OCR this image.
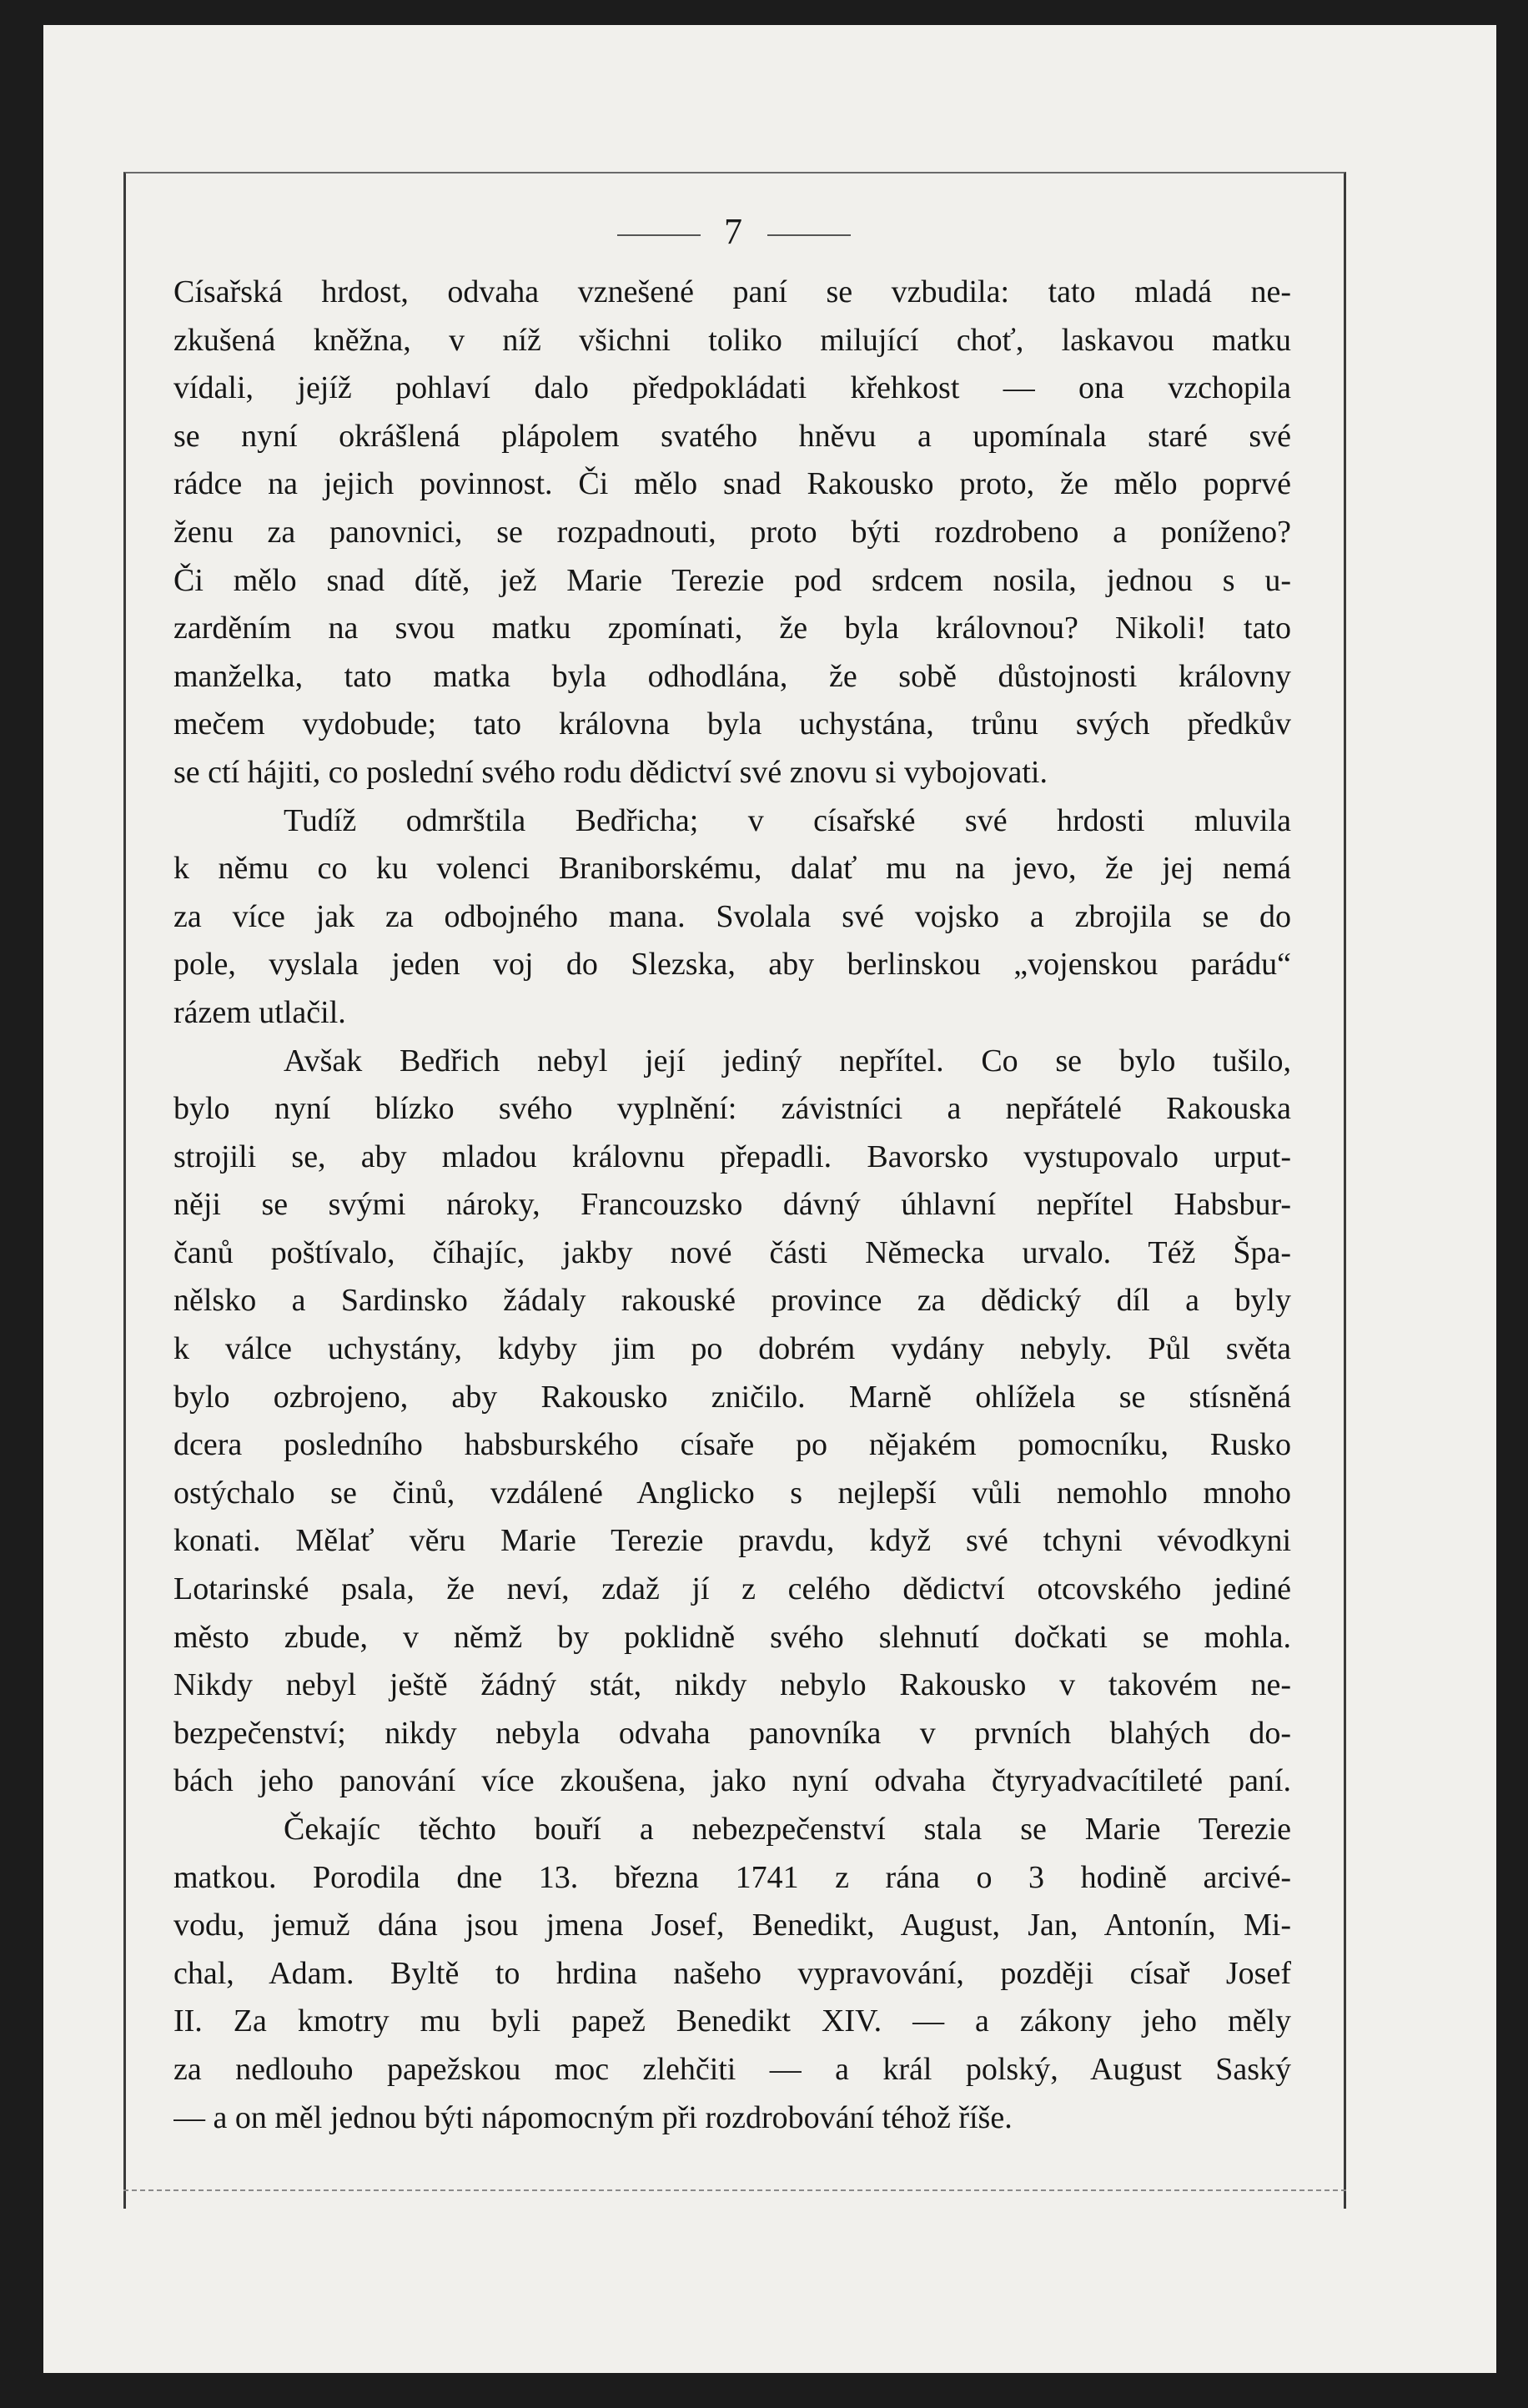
7
Císařská hrdost, odvaha vznešené paní se vzbudila: tato mladá ne-
zkušená kněžna, v níž všichni toliko milující choť, laskavou matku
vídali, jejíž pohlaví dalo předpokládati křehkost — ona vzchopila
se nyní okrášlená plápolem svatého hněvu a upomínala staré své
rádce na jejich povinnost. Či mělo snad Rakousko proto, že mělo poprvé
ženu za panovnici, se rozpadnouti, proto býti rozdrobeno a poníženo?
Či mělo snad dítě, jež Marie Terezie pod srdcem nosila, jednou s u-
zarděním na svou matku zpomínati, že byla královnou? Nikoli! tato
manželka, tato matka byla odhodlána, že sobě důstojnosti královny
mečem vydobude; tato královna byla uchystána, trůnu svých předkův
se ctí hájiti, co poslední svého rodu dědictví své znovu si vybojovati.
Tudíž odmrštila Bedřicha; v císařské své hrdosti mluvila
k němu co ku volenci Braniborskému, dalať mu na jevo, že jej nemá
za více jak za odbojného mana. Svolala své vojsko a zbrojila se do
pole, vyslala jeden voj do Slezska, aby berlinskou „vojenskou parádu“
rázem utlačil.
Avšak Bedřich nebyl její jediný nepřítel. Co se bylo tušilo,
bylo nyní blízko svého vyplnění: závistníci a nepřátelé Rakouska
strojili se, aby mladou královnu přepadli. Bavorsko vystupovalo urput-
něji se svými nároky, Francouzsko dávný úhlavní nepřítel Habsbur-
čanů poštívalo, číhajíc, jakby nové části Německa urvalo. Též Špa-
nělsko a Sardinsko žádaly rakouské province za dědický díl a byly
k válce uchystány, kdyby jim po dobrém vydány nebyly. Půl světa
bylo ozbrojeno, aby Rakousko zničilo. Marně ohlížela se stísněná
dcera posledního habsburského císaře po nějakém pomocníku, Rusko
ostýchalo se činů, vzdálené Anglicko s nejlepší vůli nemohlo mnoho
konati. Mělať věru Marie Terezie pravdu, když své tchyni vévodkyni
Lotarinské psala, že neví, zdaž jí z celého dědictví otcovského jediné
město zbude, v němž by poklidně svého slehnutí dočkati se mohla.
Nikdy nebyl ještě žádný stát, nikdy nebylo Rakousko v takovém ne-
bezpečenství; nikdy nebyla odvaha panovníka v prvních blahých do-
bách jeho panování více zkoušena, jako nyní odvaha čtyryadvacítileté paní.
Čekajíc těchto bouří a nebezpečenství stala se Marie Terezie
matkou. Porodila dne 13. března 1741 z rána o 3 hodině arcivé-
vodu, jemuž dána jsou jmena Josef, Benedikt, August, Jan, Antonín, Mi-
chal, Adam. Byltě to hrdina našeho vypravování, později císař Josef
II. Za kmotry mu byli papež Benedikt XIV. — a zákony jeho měly
za nedlouho papežskou moc zlehčiti — a král polský, August Saský
— a on měl jednou býti nápomocným při rozdrobování téhož říše.
